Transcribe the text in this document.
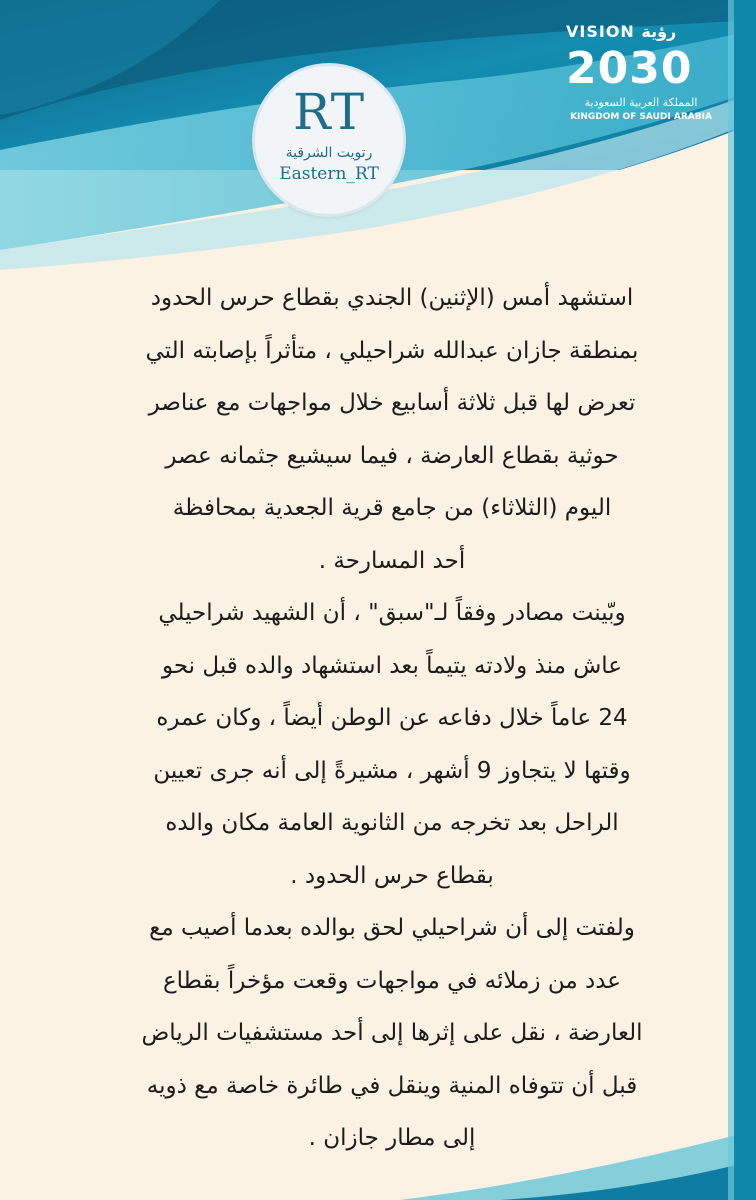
RT
رتويت الشرقية
Eastern_RT
VISION رؤية
2030
المملكة العربية السعودية
KINGDOM OF SAUDI ARABIA
استشهد أمس (الإثنين) الجندي بقطاع حرس الحدود
بمنطقة جازان عبدالله شراحيلي ، متأثراً بإصابته التي
تعرض لها قبل ثلاثة أسابيع خلال مواجهات مع عناصر
حوثية بقطاع العارضة ، فيما سيشيع جثمانه عصر
اليوم (الثلاثاء) من جامع قرية الجعدية بمحافظة
أحد المسارحة .
وبّينت مصادر وفقاً لـ"سبق" ، أن الشهيد شراحيلي
عاش منذ ولادته يتيماً بعد استشهاد والده قبل نحو
24 عاماً خلال دفاعه عن الوطن أيضاً ، وكان عمره
وقتها لا يتجاوز 9 أشهر ، مشيرةً إلى أنه جرى تعيين
الراحل بعد تخرجه من الثانوية العامة مكان والده
بقطاع حرس الحدود .
ولفتت إلى أن شراحيلي لحق بوالده بعدما أصيب مع
عدد من زملائه في مواجهات وقعت مؤخراً بقطاع
العارضة ، نقل على إثرها إلى أحد مستشفيات الرياض
قبل أن تتوفاه المنية وينقل في طائرة خاصة مع ذويه
إلى مطار جازان .
